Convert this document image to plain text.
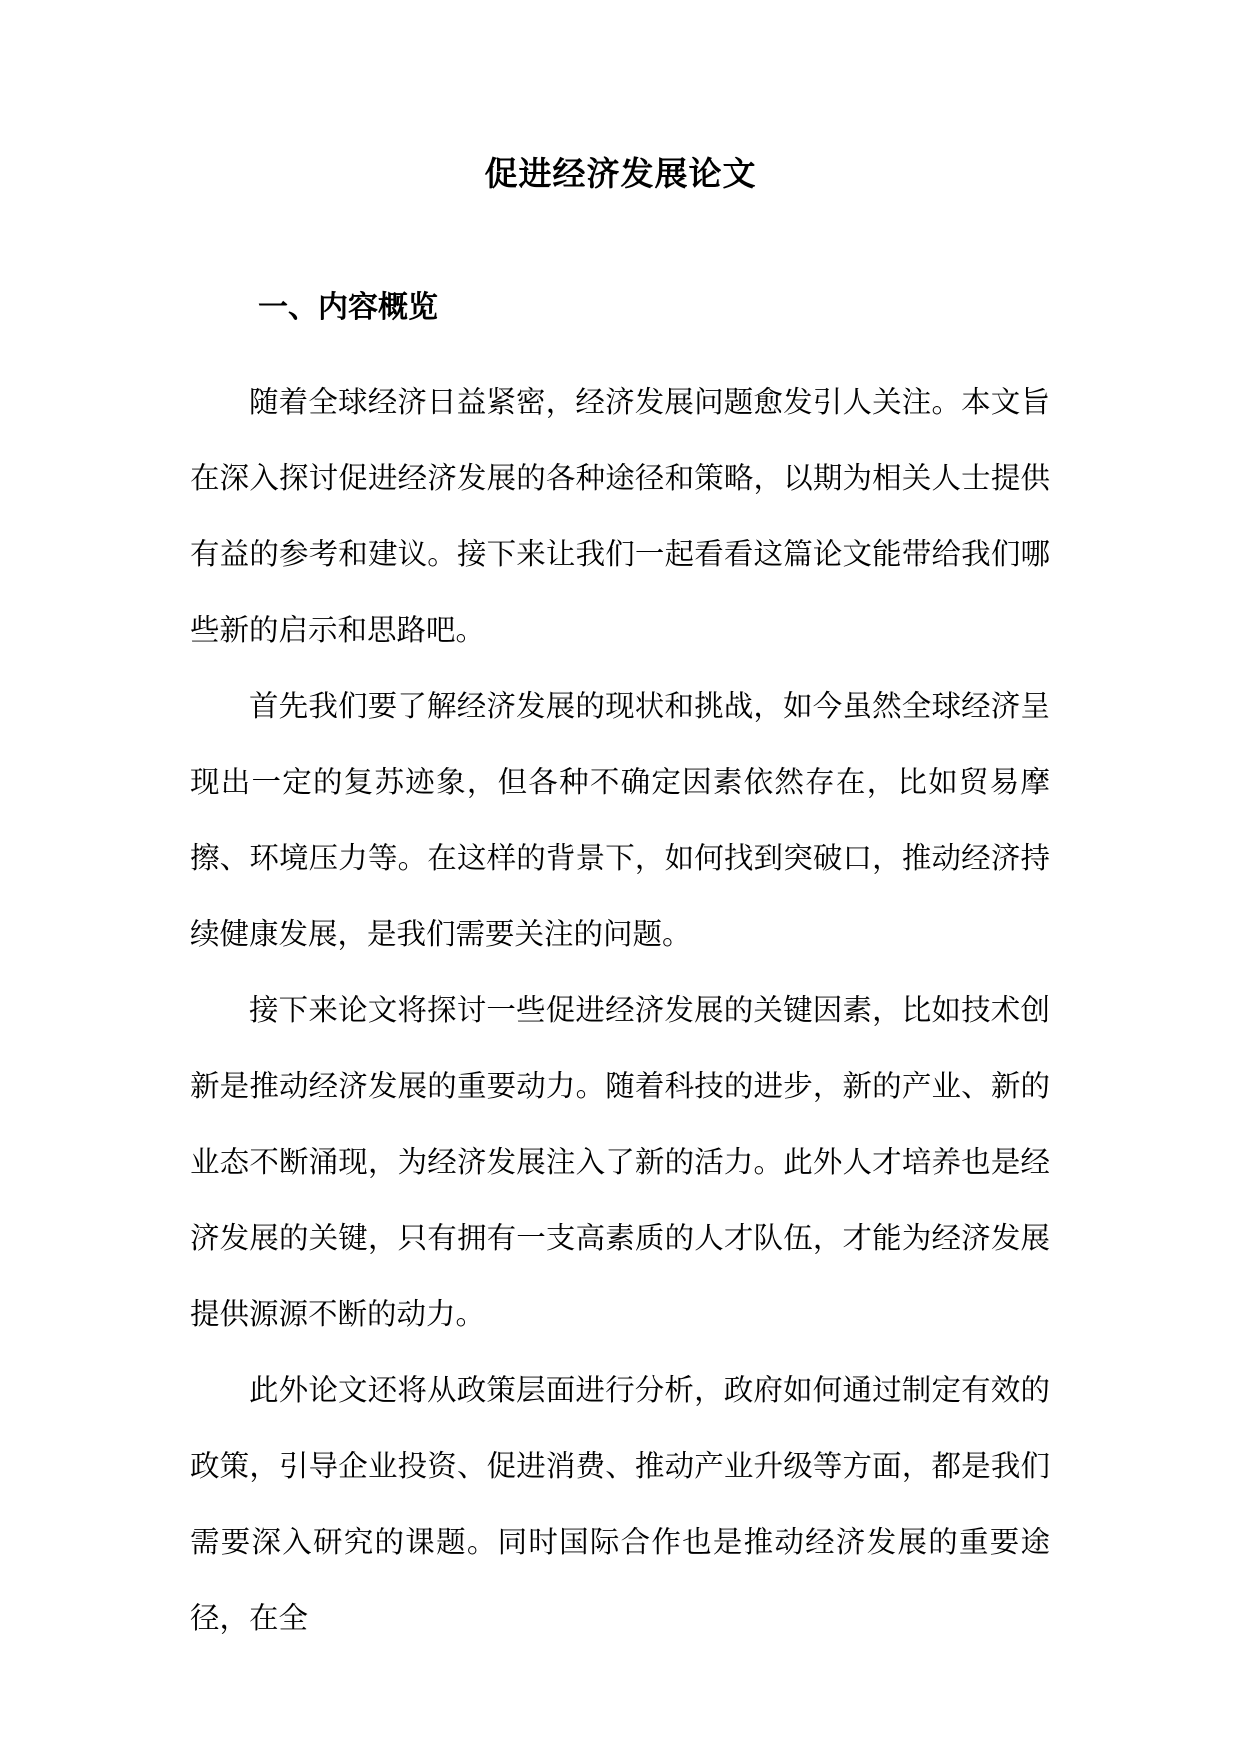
促进经济发展论文
一、内容概览

随着全球经济日益紧密，经济发展问题愈发引人关注。本文旨在深入探讨促进经济发展的各种途径和策略，以期为相关人士提供有益的参考和建议。接下来让我们一起看看这篇论文能带给我们哪些新的启示和思路吧。

首先我们要了解经济发展的现状和挑战，如今虽然全球经济呈现出一定的复苏迹象，但各种不确定因素依然存在，比如贸易摩擦、环境压力等。在这样的背景下，如何找到突破口，推动经济持续健康发展，是我们需要关注的问题。

接下来论文将探讨一些促进经济发展的关键因素，比如技术创新是推动经济发展的重要动力。随着科技的进步，新的产业、新的业态不断涌现，为经济发展注入了新的活力。此外人才培养也是经济发展的关键，只有拥有一支高素质的人才队伍，才能为经济发展提供源源不断的动力。

此外论文还将从政策层面进行分析，政府如何通过制定有效的政策，引导企业投资、促进消费、推动产业升级等方面，都是我们需要深入研究的课题。同时国际合作也是推动经济发展的重要途径，在全
